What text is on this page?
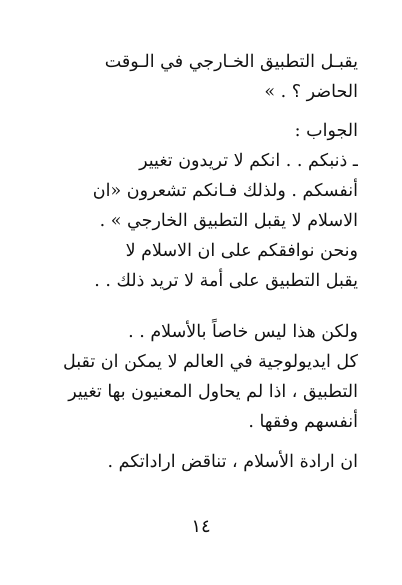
يقبـل التطبيق الخـارجي في الـوقت
الحاضر ؟ . »
الجواب :
ـ ذنبكم . . انكم لا تريدون تغيير
أنفسكم . ولذلك فـانكم تشعرون «ان
الاسلام لا يقبل التطبيق الخارجي » .
ونحن نوافقكم على ان الاسلام لا
يقبل التطبيق على أمة لا تريد ذلك . .
ولكن هذا ليس خاصاً بالأسلام . .
كل ايديولوجية في العالم لا يمكن ان تقبل
التطبيق ، اذا لم يحاول المعنيون بها تغيير
أنفسهم وفقها .
ان ارادة الأسلام ، تناقض اراداتكم .
١٤
